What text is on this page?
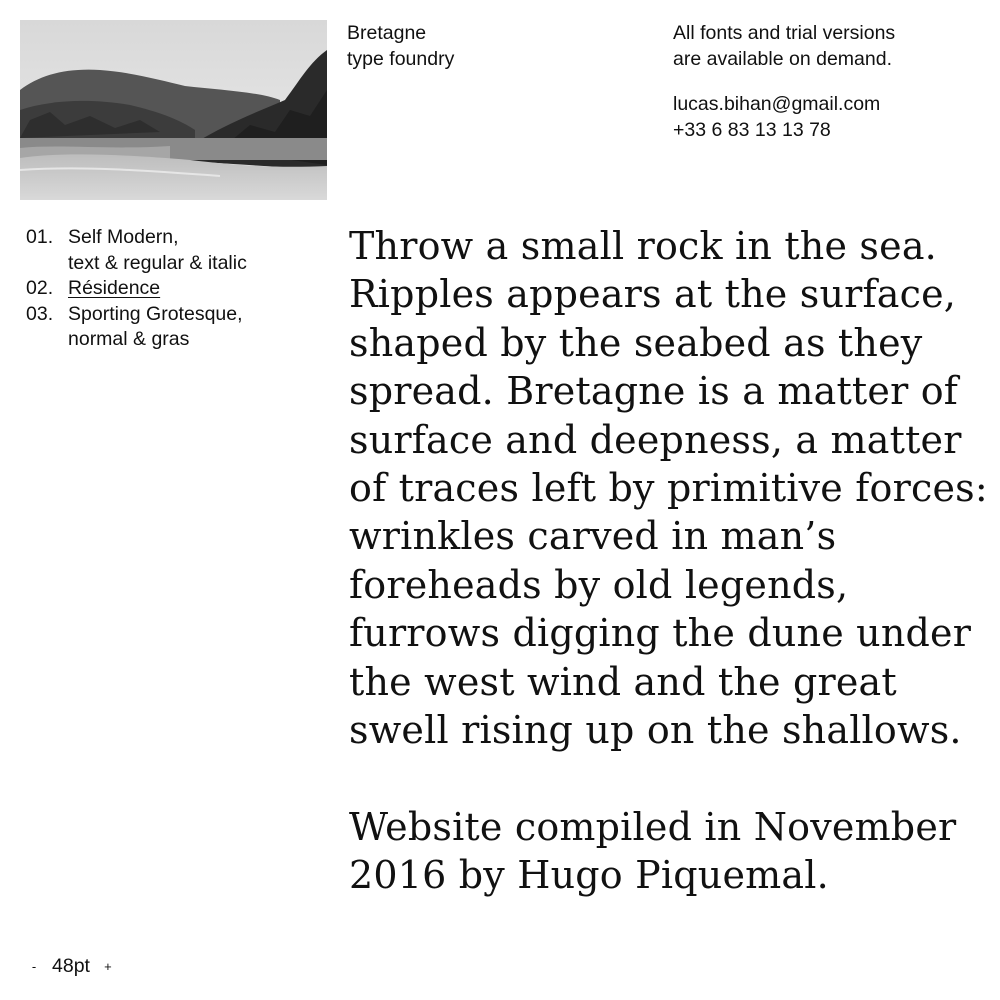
Bretagne
type foundry
All fonts and trial versions
are available on demand.
lucas.bihan@gmail.com
+33 6 83 13 13 78
01. Self Modern,
text & regular & italic
02. Résidence
03. Sporting Grotesque,
normal & gras

Throw a small rock in the sea. Ripples appears at the surface, shaped by the seabed as they spread. Bretagne is a matter of surface and deepness, a matter of traces left by primitive forces: wrinkles carved in man’s foreheads by old legends, furrows digging the dune under the west wind and the great swell rising up on the shallows.

Website compiled in November 2016 by Hugo Piquemal.

- 48pt +
